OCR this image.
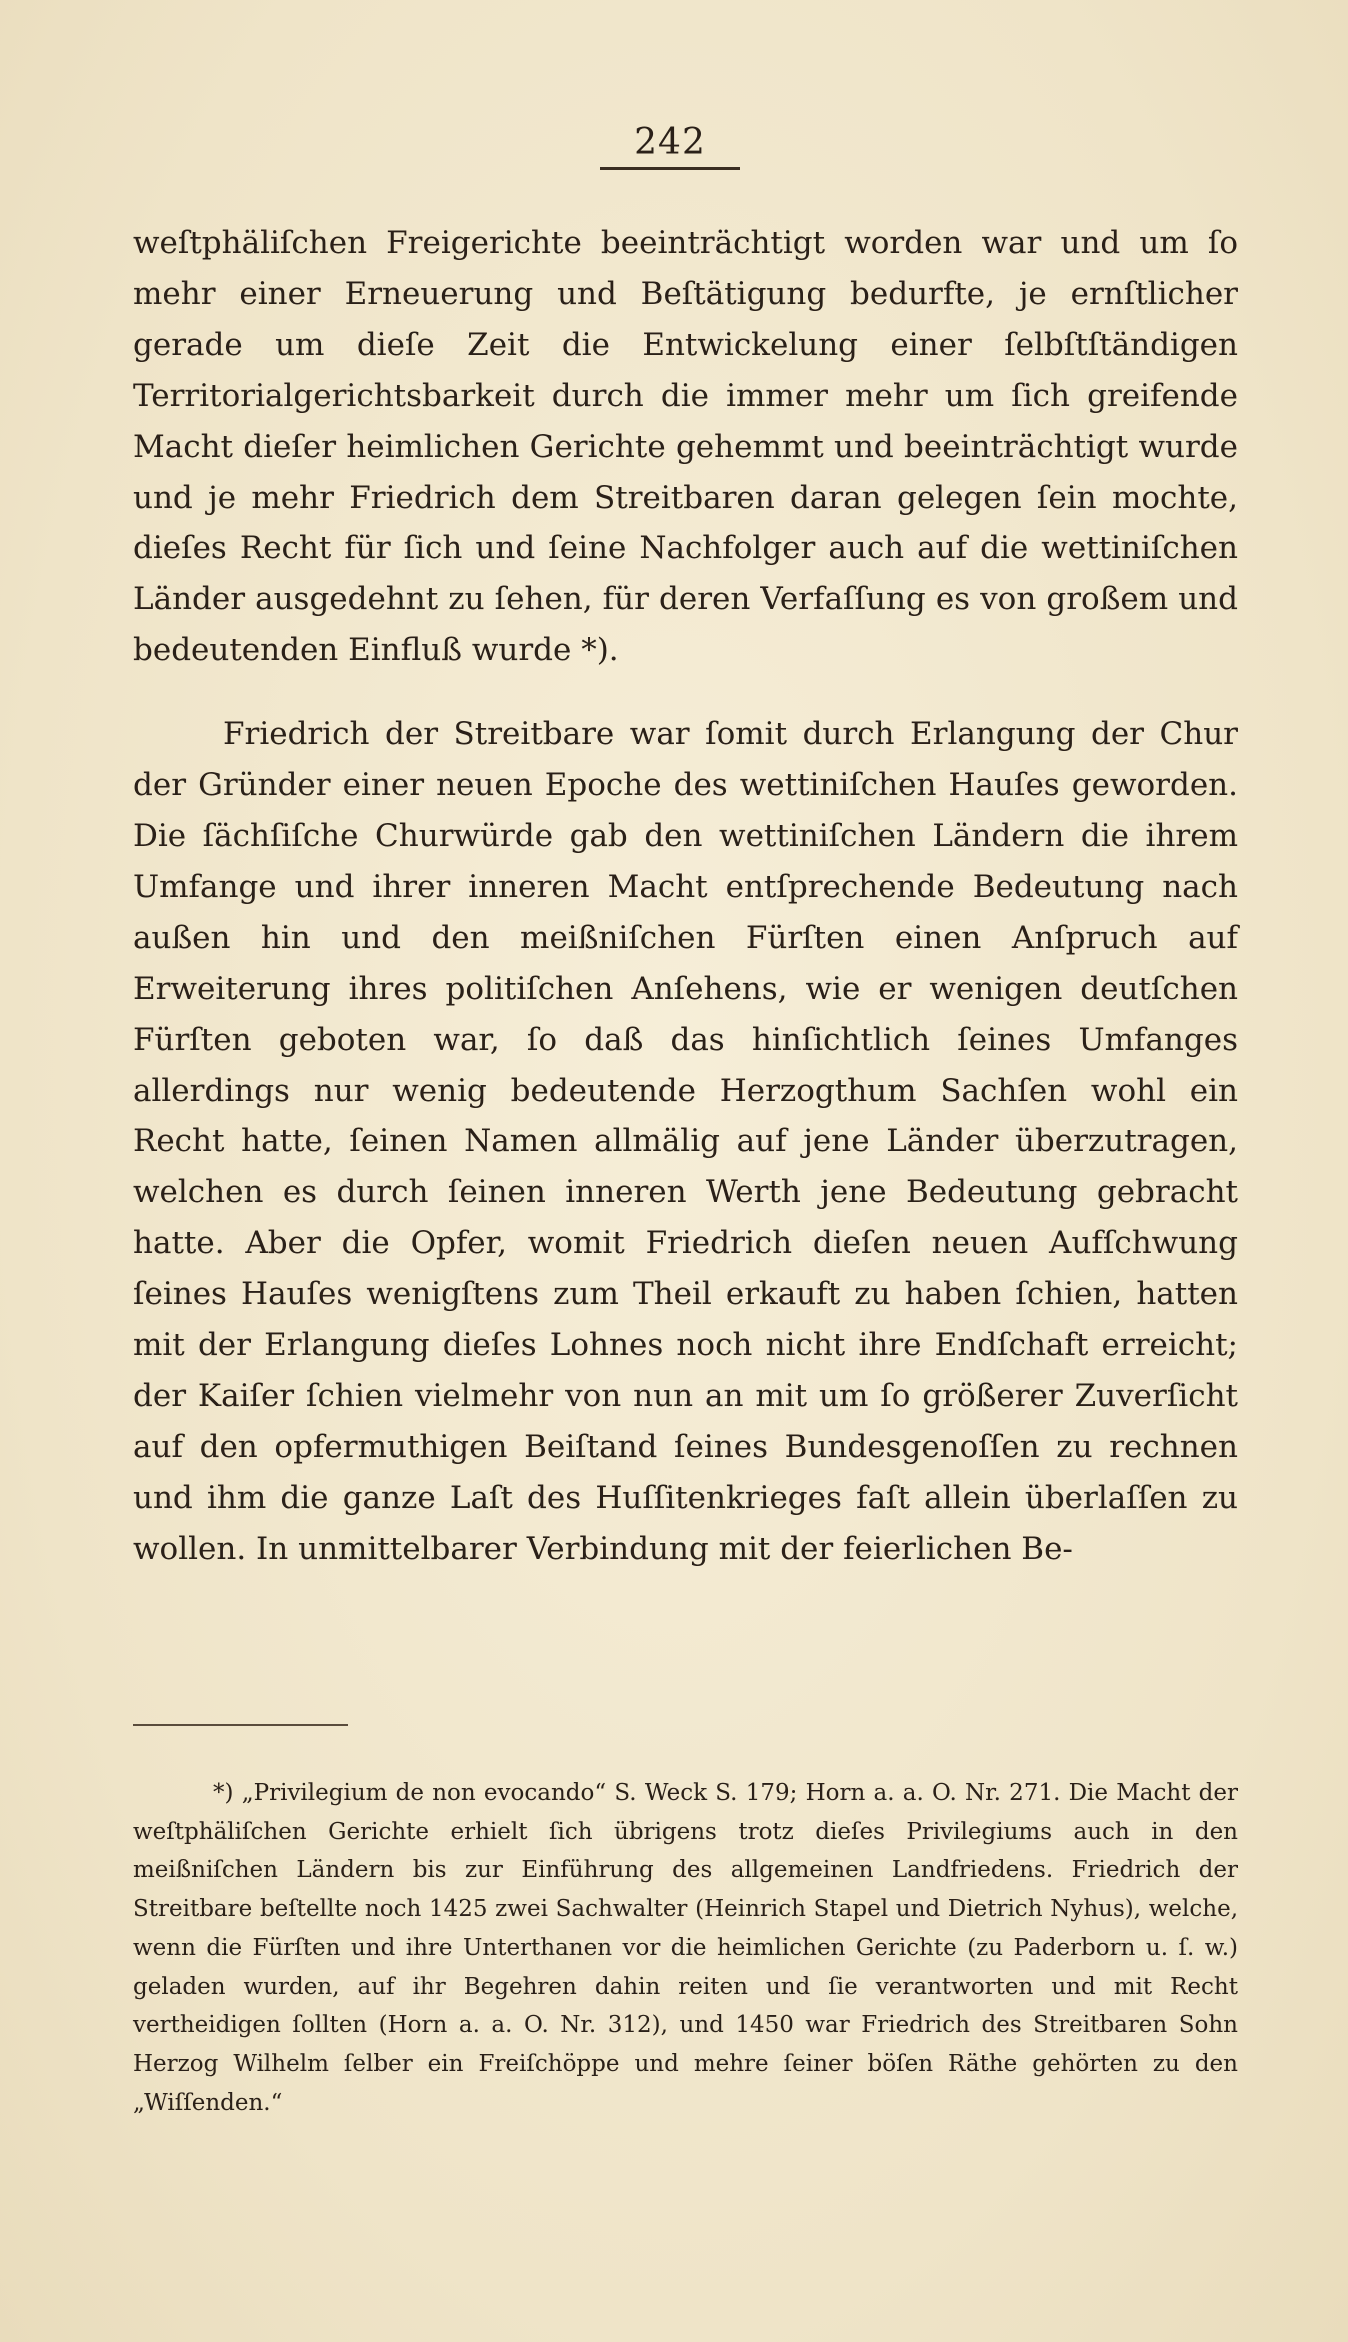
242

weſtphäliſchen Freigerichte beeinträchtigt worden war und um ſo mehr einer Erneuerung und Beſtätigung bedurfte, je ernſtlicher gerade um dieſe Zeit die Entwickelung einer ſelbſtſtändigen Territorialgerichtsbarkeit durch die immer mehr um ſich greifende Macht dieſer heimlichen Gerichte gehemmt und beeinträchtigt wurde und je mehr Friedrich dem Streitbaren daran gelegen ſein mochte, dieſes Recht für ſich und ſeine Nachfolger auch auf die wettiniſchen Länder ausgedehnt zu ſehen, für deren Verfaſſung es von großem und bedeutenden Einfluß wurde *).

Friedrich der Streitbare war ſomit durch Erlangung der Chur der Gründer einer neuen Epoche des wettiniſchen Hauſes geworden. Die ſächſiſche Churwürde gab den wettiniſchen Ländern die ihrem Umfange und ihrer inneren Macht entſprechende Bedeutung nach außen hin und den meißniſchen Fürſten einen Anſpruch auf Erweiterung ihres politiſchen Anſehens, wie er wenigen deutſchen Fürſten geboten war, ſo daß das hinſichtlich ſeines Umfanges allerdings nur wenig bedeutende Herzogthum Sachſen wohl ein Recht hatte, ſeinen Namen allmälig auf jene Länder überzutragen, welchen es durch ſeinen inneren Werth jene Bedeutung gebracht hatte. Aber die Opfer, womit Friedrich dieſen neuen Aufſchwung ſeines Hauſes wenigſtens zum Theil erkauft zu haben ſchien, hatten mit der Erlangung dieſes Lohnes noch nicht ihre Endſchaft erreicht; der Kaiſer ſchien vielmehr von nun an mit um ſo größerer Zuverſicht auf den opfermuthigen Beiſtand ſeines Bundesgenoſſen zu rechnen und ihm die ganze Laſt des Huſſitenkrieges faſt allein überlaſſen zu wollen. In unmittelbarer Verbindung mit der feierlichen Be-

*) „Privilegium de non evocando“ S. Weck S. 179; Horn a. a. O. Nr. 271. Die Macht der weſtphäliſchen Gerichte erhielt ſich übrigens trotz dieſes Privilegiums auch in den meißniſchen Ländern bis zur Einführung des allgemeinen Landfriedens. Friedrich der Streitbare beſtellte noch 1425 zwei Sachwalter (Heinrich Stapel und Dietrich Nyhus), welche, wenn die Fürſten und ihre Unterthanen vor die heimlichen Gerichte (zu Paderborn u. ſ. w.) geladen wurden, auf ihr Begehren dahin reiten und ſie verantworten und mit Recht vertheidigen ſollten (Horn a. a. O. Nr. 312), und 1450 war Friedrich des Streitbaren Sohn Herzog Wilhelm ſelber ein Freiſchöppe und mehre ſeiner böſen Räthe gehörten zu den „Wiſſenden.“
